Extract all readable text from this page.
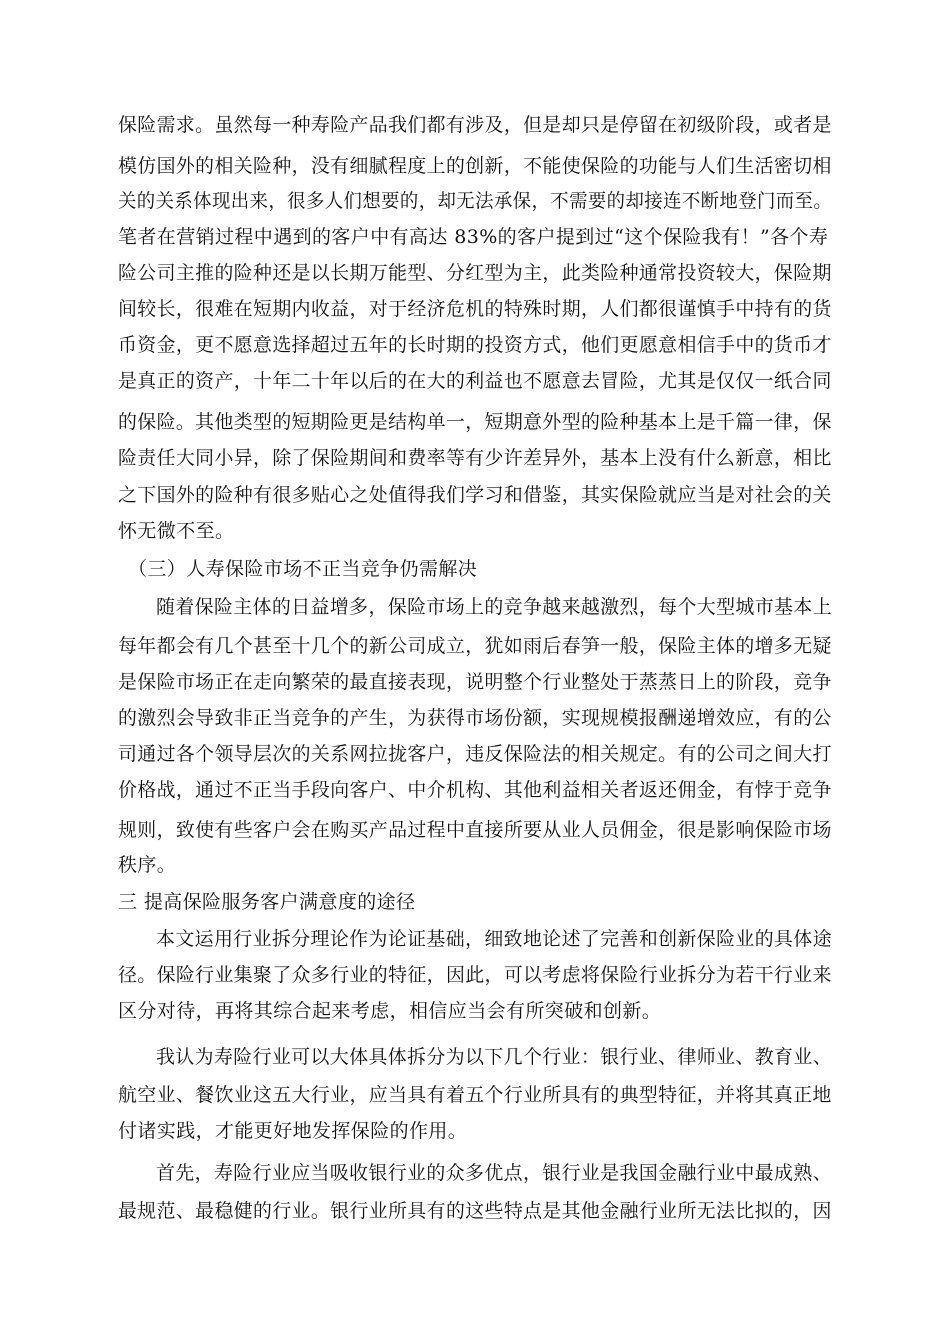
保险需求。虽然每一种寿险产品我们都有涉及，但是却只是停留在初级阶段，或者是
模仿国外的相关险种，没有细腻程度上的创新，不能使保险的功能与人们生活密切相
关的关系体现出来，很多人们想要的，却无法承保，不需要的却接连不断地登门而至。
笔者在营销过程中遇到的客户中有高达 83%的客户提到过“这个保险我有！”各个寿
险公司主推的险种还是以长期万能型、分红型为主，此类险种通常投资较大，保险期
间较长，很难在短期内收益，对于经济危机的特殊时期，人们都很谨慎手中持有的货
币资金，更不愿意选择超过五年的长时期的投资方式，他们更愿意相信手中的货币才
是真正的资产，十年二十年以后的在大的利益也不愿意去冒险，尤其是仅仅一纸合同
的保险。其他类型的短期险更是结构单一，短期意外型的险种基本上是千篇一律，保
险责任大同小异，除了保险期间和费率等有少许差异外，基本上没有什么新意，相比
之下国外的险种有很多贴心之处值得我们学习和借鉴，其实保险就应当是对社会的关
怀无微不至。
（三）人寿保险市场不正当竞争仍需解决
随着保险主体的日益增多，保险市场上的竞争越来越激烈，每个大型城市基本上
每年都会有几个甚至十几个的新公司成立，犹如雨后春笋一般，保险主体的增多无疑
是保险市场正在走向繁荣的最直接表现，说明整个行业整处于蒸蒸日上的阶段，竞争
的激烈会导致非正当竞争的产生，为获得市场份额，实现规模报酬递增效应，有的公
司通过各个领导层次的关系网拉拢客户，违反保险法的相关规定。有的公司之间大打
价格战，通过不正当手段向客户、中介机构、其他利益相关者返还佣金，有悖于竞争
规则，致使有些客户会在购买产品过程中直接所要从业人员佣金，很是影响保险市场
秩序。
三 提高保险服务客户满意度的途径
本文运用行业拆分理论作为论证基础，细致地论述了完善和创新保险业的具体途
径。保险行业集聚了众多行业的特征，因此，可以考虑将保险行业拆分为若干行业来
区分对待，再将其综合起来考虑，相信应当会有所突破和创新。
我认为寿险行业可以大体具体拆分为以下几个行业：银行业、律师业、教育业、
航空业、餐饮业这五大行业，应当具有着五个行业所具有的典型特征，并将其真正地
付诸实践，才能更好地发挥保险的作用。
首先，寿险行业应当吸收银行业的众多优点，银行业是我国金融行业中最成熟、
最规范、最稳健的行业。银行业所具有的这些特点是其他金融行业所无法比拟的，因
